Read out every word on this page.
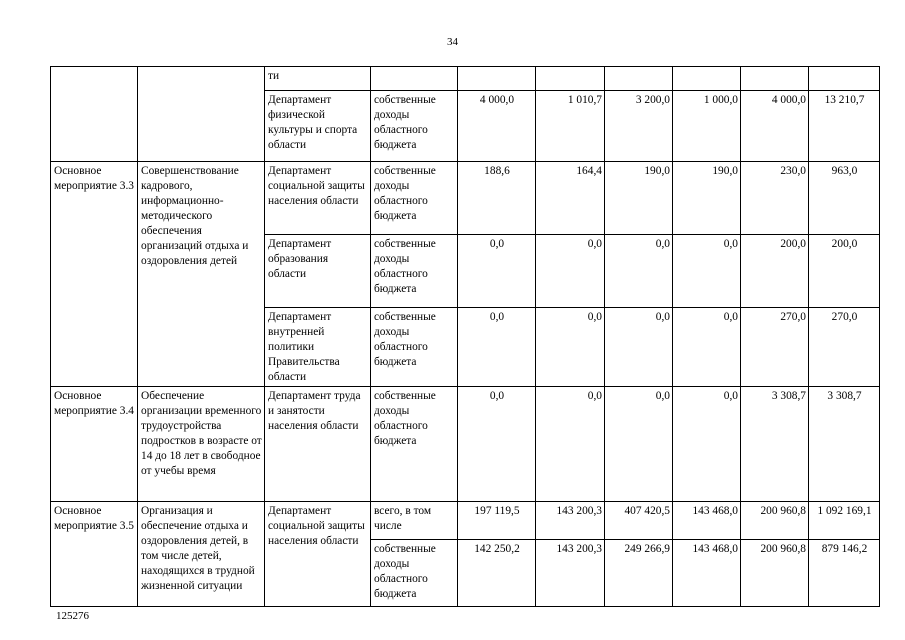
34
		ти							
		Департамент физической культуры и спорта области	собственные доходы областного бюджета	4 000,0	1 010,7	3 200,0	1 000,0	4 000,0	13 210,7
Основное мероприятие 3.3	Совершенствование кадрового, информационно-методического обеспечения организаций отдыха и оздоровления детей	Департамент социальной защиты населения области	собственные доходы областного бюджета	188,6	164,4	190,0	190,0	230,0	963,0
		Департамент образования области	собственные доходы областного бюджета	0,0	0,0	0,0	0,0	200,0	200,0
		Департамент внутренней политики Правительства области	собственные доходы областного бюджета	0,0	0,0	0,0	0,0	270,0	270,0
Основное мероприятие 3.4	Обеспечение организации временного трудоустройства подростков в возрасте от 14 до 18 лет в свободное от учебы время	Департамент труда и занятости населения области	собственные доходы областного бюджета	0,0	0,0	0,0	0,0	3 308,7	3 308,7
Основное мероприятие 3.5	Организация и обеспечение отдыха и оздоровления детей, в том числе детей, находящихся в трудной жизненной ситуации	Департамент социальной защиты населения области	всего, в том числе	197 119,5	143 200,3	407 420,5	143 468,0	200 960,8	1 092 169,1
			собственные доходы областного бюджета	142 250,2	143 200,3	249 266,9	143 468,0	200 960,8	879 146,2
125276
